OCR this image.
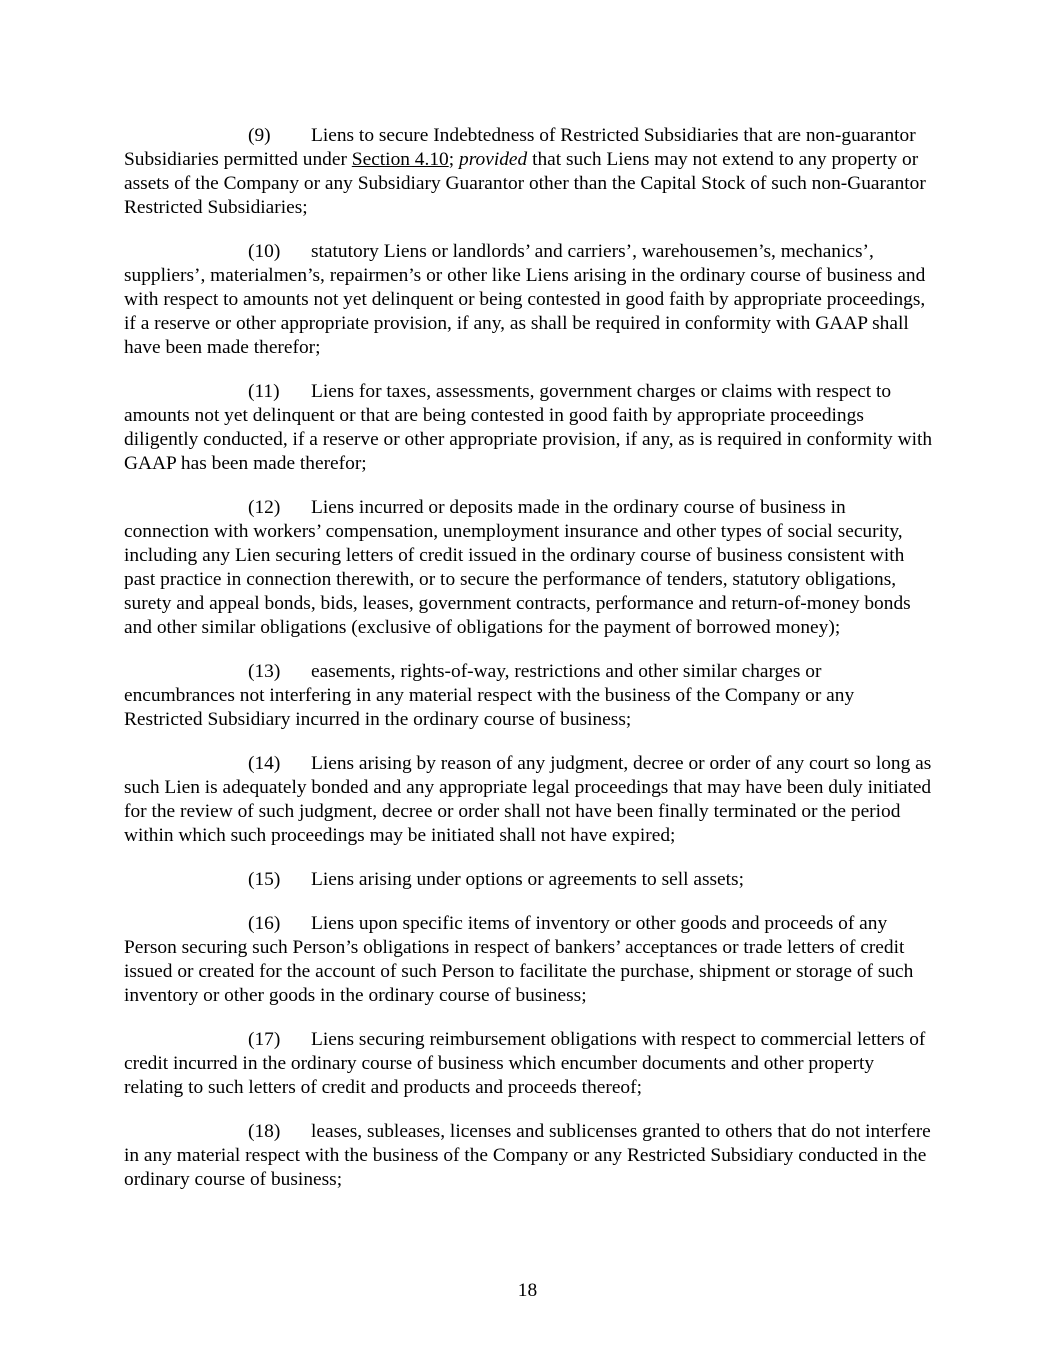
(9) Liens to secure Indebtedness of Restricted Subsidiaries that are non-guarantor Subsidiaries permitted under Section 4.10; provided that such Liens may not extend to any property or assets of the Company or any Subsidiary Guarantor other than the Capital Stock of such non-Guarantor Restricted Subsidiaries;

(10) statutory Liens or landlords’ and carriers’, warehousemen’s, mechanics’, suppliers’, materialmen’s, repairmen’s or other like Liens arising in the ordinary course of business and with respect to amounts not yet delinquent or being contested in good faith by appropriate proceedings, if a reserve or other appropriate provision, if any, as shall be required in conformity with GAAP shall have been made therefor;

(11) Liens for taxes, assessments, government charges or claims with respect to amounts not yet delinquent or that are being contested in good faith by appropriate proceedings diligently conducted, if a reserve or other appropriate provision, if any, as is required in conformity with GAAP has been made therefor;

(12) Liens incurred or deposits made in the ordinary course of business in connection with workers’ compensation, unemployment insurance and other types of social security, including any Lien securing letters of credit issued in the ordinary course of business consistent with past practice in connection therewith, or to secure the performance of tenders, statutory obligations, surety and appeal bonds, bids, leases, government contracts, performance and return-of-money bonds and other similar obligations (exclusive of obligations for the payment of borrowed money);

(13) easements, rights-of-way, restrictions and other similar charges or encumbrances not interfering in any material respect with the business of the Company or any Restricted Subsidiary incurred in the ordinary course of business;

(14) Liens arising by reason of any judgment, decree or order of any court so long as such Lien is adequately bonded and any appropriate legal proceedings that may have been duly initiated for the review of such judgment, decree or order shall not have been finally terminated or the period within which such proceedings may be initiated shall not have expired;

(15) Liens arising under options or agreements to sell assets;

(16) Liens upon specific items of inventory or other goods and proceeds of any Person securing such Person’s obligations in respect of bankers’ acceptances or trade letters of credit issued or created for the account of such Person to facilitate the purchase, shipment or storage of such inventory or other goods in the ordinary course of business;

(17) Liens securing reimbursement obligations with respect to commercial letters of credit incurred in the ordinary course of business which encumber documents and other property relating to such letters of credit and products and proceeds thereof;

(18) leases, subleases, licenses and sublicenses granted to others that do not interfere in any material respect with the business of the Company or any Restricted Subsidiary conducted in the ordinary course of business;

18
